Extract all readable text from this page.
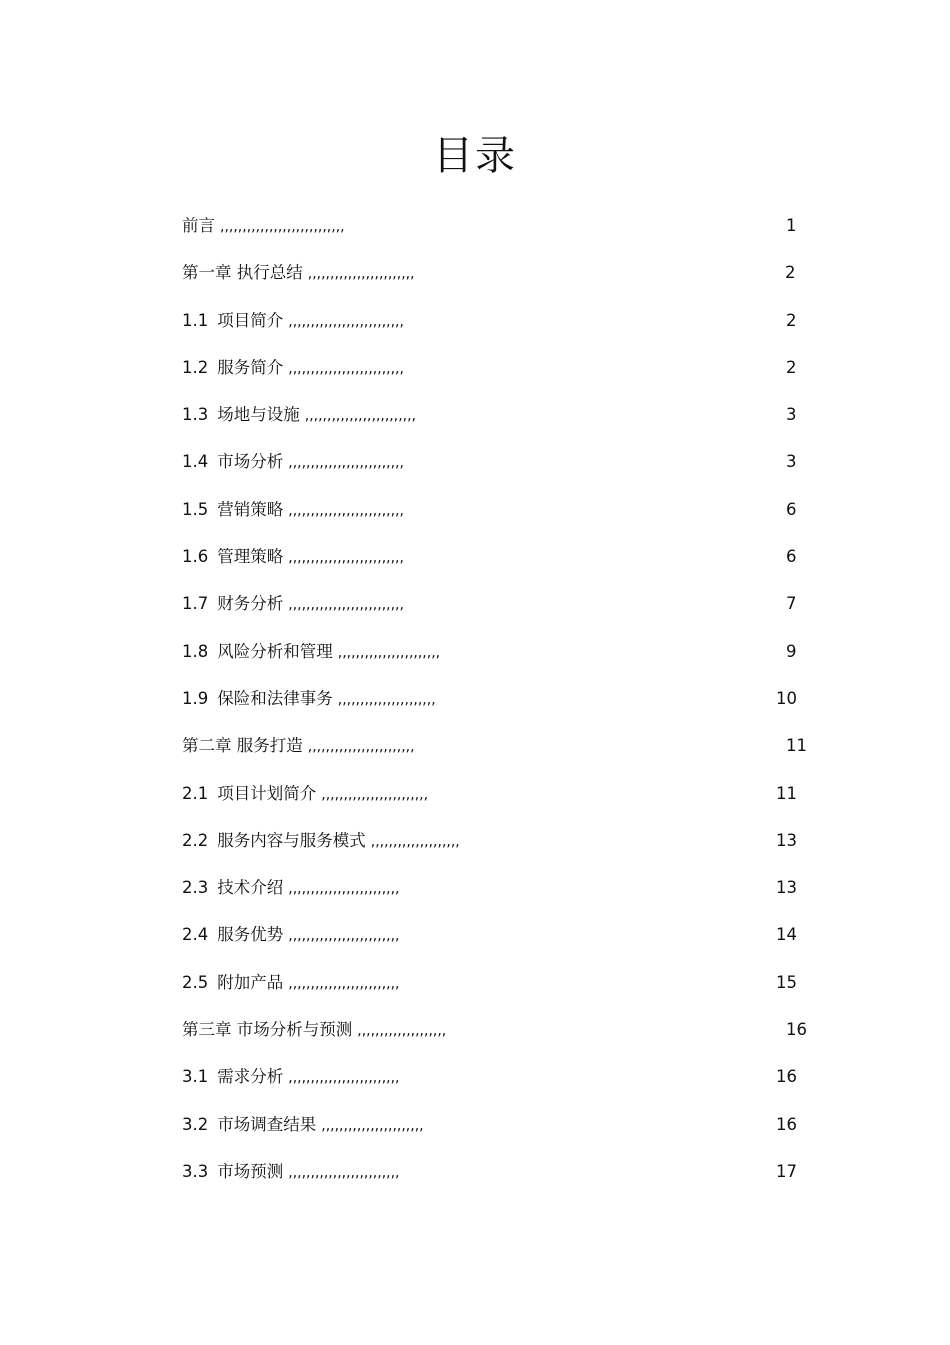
目录
前言 ,,,,,,,,,,,,,,,,,,,,,,,,,,,,	1
第一章 执行总结 ,,,,,,,,,,,,,,,,,,,,,,,,	2
1.1 项目简介 ,,,,,,,,,,,,,,,,,,,,,,,,,,	2
1.2 服务简介 ,,,,,,,,,,,,,,,,,,,,,,,,,,	2
1.3 场地与设施 ,,,,,,,,,,,,,,,,,,,,,,,,,	3
1.4 市场分析 ,,,,,,,,,,,,,,,,,,,,,,,,,,	3
1.5 营销策略 ,,,,,,,,,,,,,,,,,,,,,,,,,,	6
1.6 管理策略 ,,,,,,,,,,,,,,,,,,,,,,,,,,	6
1.7 财务分析 ,,,,,,,,,,,,,,,,,,,,,,,,,,	7
1.8 风险分析和管理 ,,,,,,,,,,,,,,,,,,,,,,,	9
1.9 保险和法律事务 ,,,,,,,,,,,,,,,,,,,,,,	10
第二章 服务打造 ,,,,,,,,,,,,,,,,,,,,,,,,	11
2.1 项目计划简介 ,,,,,,,,,,,,,,,,,,,,,,,,	11
2.2 服务内容与服务模式 ,,,,,,,,,,,,,,,,,,,,	13
2.3 技术介绍 ,,,,,,,,,,,,,,,,,,,,,,,,,	13
2.4 服务优势 ,,,,,,,,,,,,,,,,,,,,,,,,,	14
2.5 附加产品 ,,,,,,,,,,,,,,,,,,,,,,,,,	15
第三章 市场分析与预测 ,,,,,,,,,,,,,,,,,,,,	16
3.1 需求分析 ,,,,,,,,,,,,,,,,,,,,,,,,,	16
3.2 市场调查结果 ,,,,,,,,,,,,,,,,,,,,,,,	16
3.3 市场预测 ,,,,,,,,,,,,,,,,,,,,,,,,,	17
